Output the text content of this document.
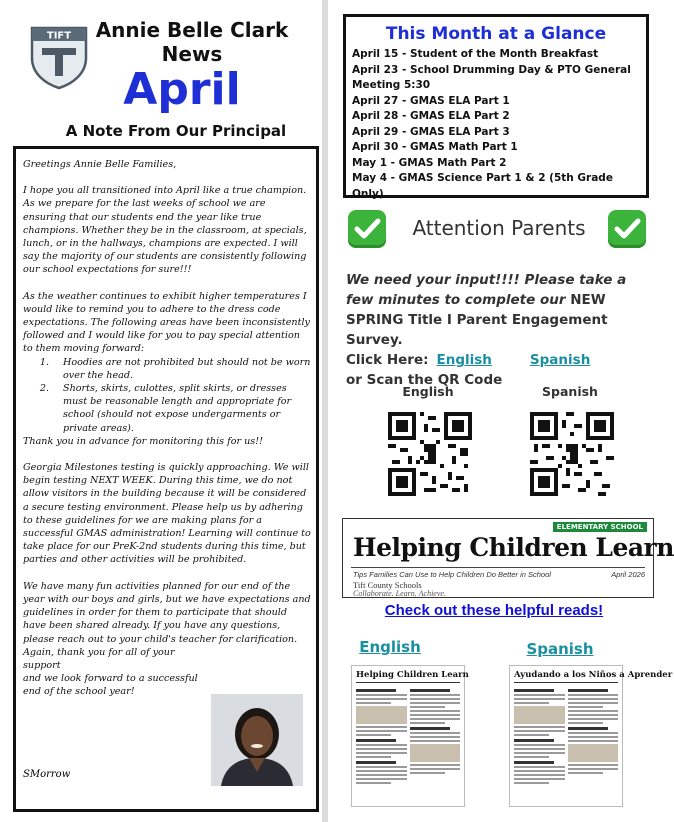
TIFT Annie Belle Clark News
April
A Note From Our Principal

Greetings Annie Belle Families,

I hope you all transitioned into April like a true champion. As we prepare for the last weeks of school we are ensuring that our students end the year like true champions. Whether they be in the classroom, at specials, lunch, or in the hallways, champions are expected. I will say the majority of our students are consistently following our school expectations for sure!!!

As the weather continues to exhibit higher temperatures I would like to remind you to adhere to the dress code expectations. The following areas have been inconsistently followed and I would like for you to pay special attention to them moving forward:

1.	Hoodies are not prohibited but should not be worn over the head.
2.	Shorts, skirts, culottes, split skirts, or dresses must be reasonable length and appropriate for school (should not expose undergarments or private areas).

Thank you in advance for monitoring this for us!!

Georgia Milestones testing is quickly approaching. We will begin testing NEXT WEEK. During this time, we do not allow visitors in the building because it will be considered a secure testing environment. Please help us by adhering to these guidelines for we are making plans for a successful GMAS administration! Learning will continue to take place for our PreK-2nd students during this time, but parties and other activities will be prohibited.

We have many fun activities planned for our end of the year with our boys and girls, but we have expectations and guidelines in order for them to participate that should have been shared already. If you have any questions, please reach out to your child's teacher for clarification.

Again, thank you for all of your support
and we look forward to a successful
end of the school year!
SMorrow
This Month at a Glance
April 15 - Student of the Month Breakfast
April 23 - School Drumming Day & PTO General Meeting 5:30
April 27 - GMAS ELA Part 1
April 28 - GMAS ELA Part 2
April 29 - GMAS ELA Part 3
April 30 - GMAS Math Part 1
May 1 - GMAS Math Part 2
May 4 - GMAS Science Part 1 & 2 (5th Grade Only)
Attention Parents
We need your input!!!! Please take a few minutes to complete our NEW SPRING Title I Parent Engagement Survey.
Click Here: English	Spanish
or Scan the QR Code
English	Spanish
ELEMENTARY SCHOOL
Helping Children Learn
Tips Families Can Use to Help Children Do Better in School	April 2026
Tift County Schools
Collaborate. Learn. Achieve.
Check out these helpful reads!
English	Spanish
Helping Children Learn	Ayudando a los Niños a Aprender
